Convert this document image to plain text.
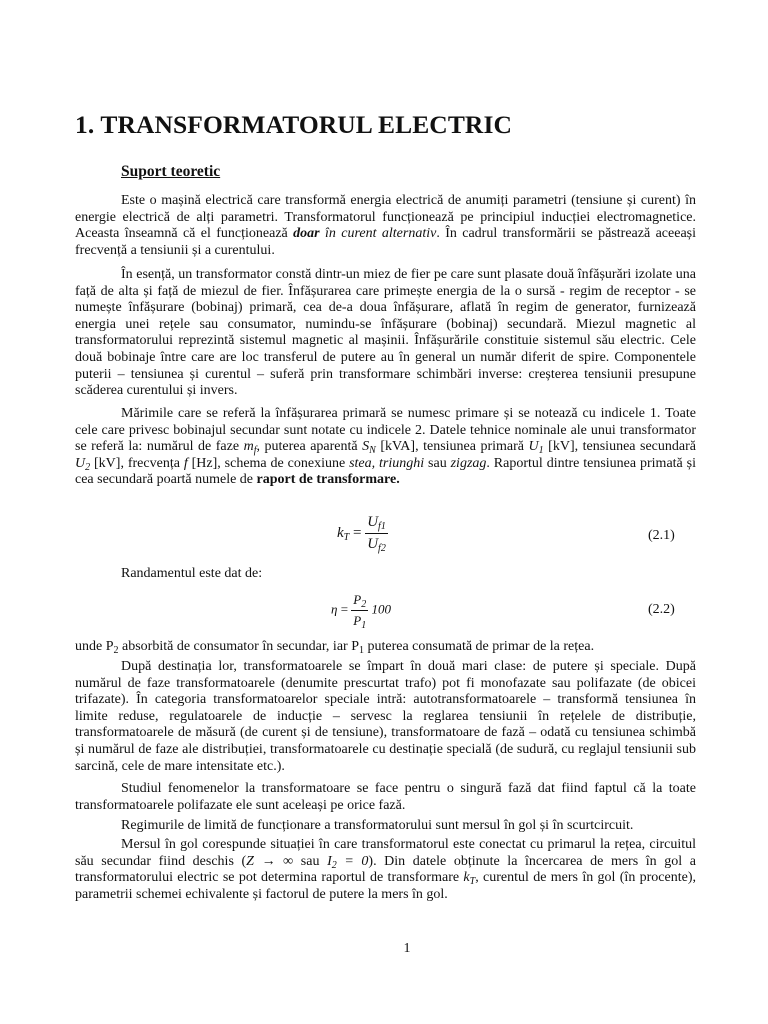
1. TRANSFORMATORUL ELECTRIC
Suport teoretic

Este o mașină electrică care transformă energia electrică de anumiți parametri (tensiune și curent) în energie electrică de alți parametri. Transformatorul funcționează pe principiul inducției electromagnetice. Aceasta înseamnă că el funcționează doar în curent alternativ. În cadrul transformării se păstrează aceeași frecvență a tensiunii și a curentului.

În esență, un transformator constă dintr-un miez de fier pe care sunt plasate două înfășurări izolate una față de alta și față de miezul de fier. Înfășurarea care primește energia de la o sursă - regim de receptor - se numește înfășurare (bobinaj) primară, cea de-a doua înfășurare, aflată în regim de generator, furnizează energia unei rețele sau consumator, numindu-se înfășurare (bobinaj) secundară. Miezul magnetic al transformatorului reprezintă sistemul magnetic al mașinii. Înfășurările constituie sistemul său electric. Cele două bobinaje între care are loc transferul de putere au în general un număr diferit de spire. Componentele puterii – tensiunea și curentul – suferă prin transformare schimbări inverse: creșterea tensiunii presupune scăderea curentului și invers.

Mărimile care se referă la înfășurarea primară se numesc primare și se notează cu indicele 1. Toate cele care privesc bobinajul secundar sunt notate cu indicele 2. Datele tehnice nominale ale unui transformator se referă la: numărul de faze $m_f$, puterea aparentă $S_N$ [kVA], tensiunea primară $U_1$ [kV], tensiunea secundară $U_2$ [kV], frecvența f [Hz], schema de conexiune stea, triunghi sau zigzag. Raportul dintre tensiunea primată și cea secundară poartă numele de raport de transformare.

$k_T = \frac{U_{f1}}{U_{f2}}$	(2.1)

Randamentul este dat de:

$\eta = \frac{P_2}{P_1} 100$	(2.2)

unde $P_2$ absorbită de consumator în secundar, iar $P_1$ puterea consumată de primar de la rețea.

După destinația lor, transformatoarele se împart în două mari clase: de putere și speciale. După numărul de faze transformatoarele (denumite prescurtat trafo) pot fi monofazate sau polifazate (de obicei trifazate). În categoria transformatoarelor speciale intră: autotransformatoarele – transformă tensiunea în limite reduse, regulatoarele de inducție – servesc la reglarea tensiunii în rețelele de distribuție, transformatoarele de măsură (de curent și de tensiune), transformatoare de fază – odată cu tensiunea schimbă și numărul de faze ale distribuției, transformatoarele cu destinație specială (de sudură, cu reglajul tensiunii sub sarcină, cele de mare intensitate etc.).

Studiul fenomenelor la transformatoare se face pentru o singură fază dat fiind faptul că la toate transformatoarele polifazate ele sunt aceleași pe orice fază.

Regimurile de limită de funcționare a transformatorului sunt mersul în gol și în scurtcircuit.

Mersul în gol corespunde situației în care transformatorul este conectat cu primarul la rețea, circuitul său secundar fiind deschis (Z → ∞ sau $I_2 = 0$). Din datele obținute la încercarea de mers în gol a transformatorului electric se pot determina raportul de transformare $k_T$, curentul de mers în gol (în procente), parametrii schemei echivalente și factorul de putere la mers în gol.

1
